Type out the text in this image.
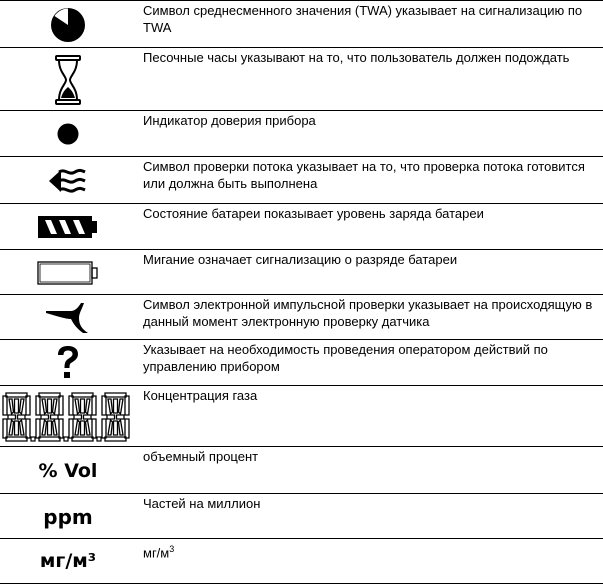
Символ среднесменного значения (TWA) указывает на сигнализацию по TWA
Песочные часы указывают на то, что пользователь должен подождать
Индикатор доверия прибора
Символ проверки потока указывает на то, что проверка потока готовится или должна быть выполнена
Состояние батареи показывает уровень заряда батареи
Мигание означает сигнализацию о разряде батареи
Символ электронной импульсной проверки указывает на происходящую в данный момент электронную проверку датчика
Указывает на необходимость проведения оператором действий по управлению прибором
Концентрация газа
% Vol
объемный процент
ppm
Частей на миллион
мг/м³	$мг/м^3$
